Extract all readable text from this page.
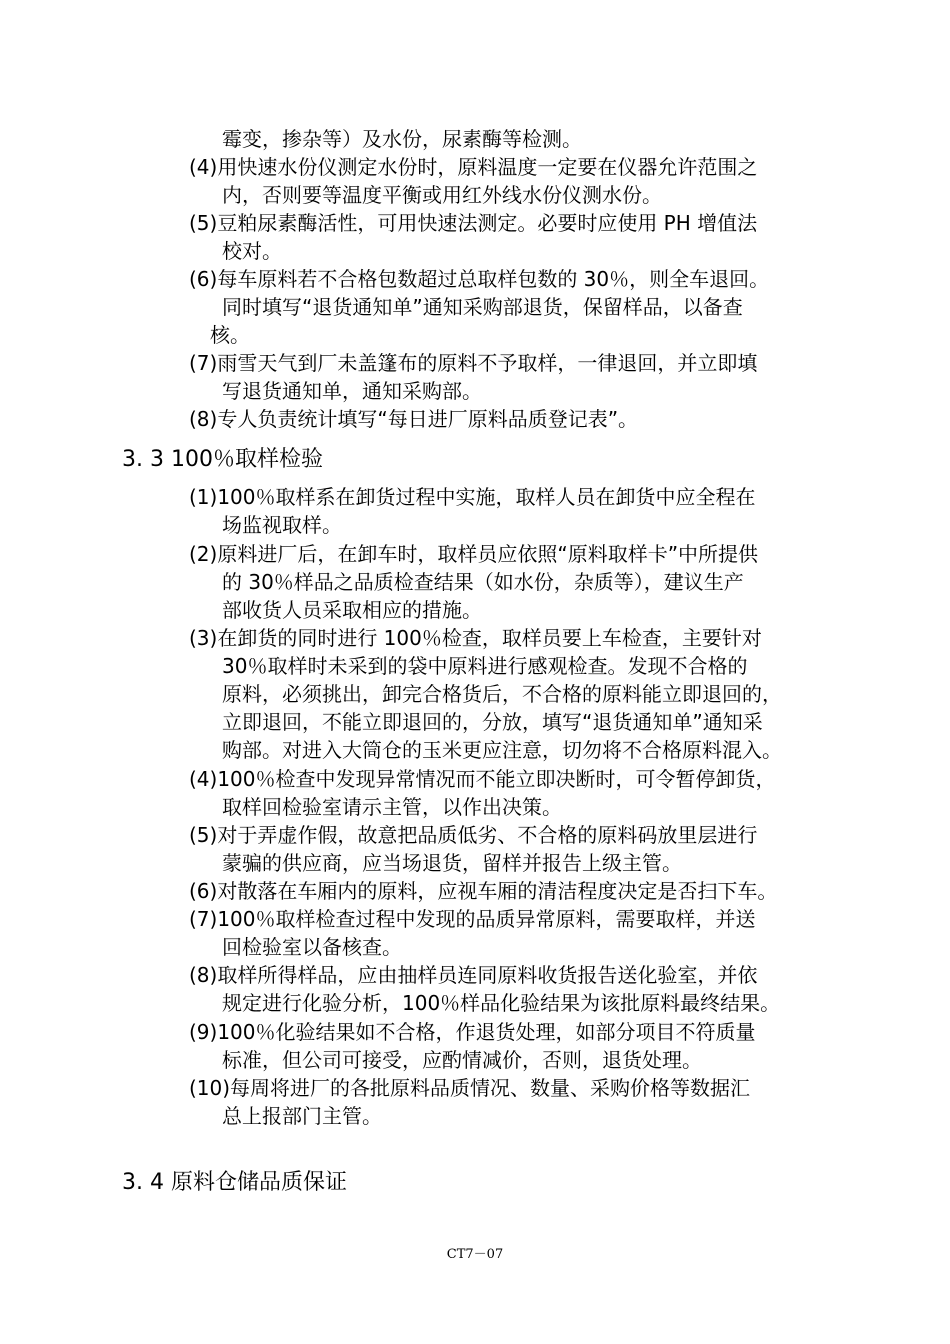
霉变，掺杂等）及水份，尿素酶等检测。
(4)用快速水份仪测定水份时，原料温度一定要在仪器允许范围之
内，否则要等温度平衡或用红外线水份仪测水份。
(5)豆粕尿素酶活性，可用快速法测定。必要时应使用 PH 增值法
校对。
(6)每车原料若不合格包数超过总取样包数的 30％，则全车退回。
同时填写“退货通知单”通知采购部退货，保留样品，以备查
核。
(7)雨雪天气到厂未盖篷布的原料不予取样，一律退回，并立即填
写退货通知单，通知采购部。
(8)专人负责统计填写“每日进厂原料品质登记表”。
3. 3 100％取样检验
(1)100％取样系在卸货过程中实施，取样人员在卸货中应全程在
场监视取样。
(2)原料进厂后，在卸车时，取样员应依照“原料取样卡”中所提供
的 30％样品之品质检查结果（如水份，杂质等），建议生产
部收货人员采取相应的措施。
(3)在卸货的同时进行 100％检查，取样员要上车检查，主要针对
30％取样时未采到的袋中原料进行感观检查。发现不合格的
原料，必须挑出，卸完合格货后，不合格的原料能立即退回的，
立即退回，不能立即退回的，分放，填写“退货通知单”通知采
购部。对进入大筒仓的玉米更应注意，切勿将不合格原料混入。
(4)100％检查中发现异常情况而不能立即决断时，可令暂停卸货，
取样回检验室请示主管，以作出决策。
(5)对于弄虚作假，故意把品质低劣、不合格的原料码放里层进行
蒙骗的供应商，应当场退货，留样并报告上级主管。
(6)对散落在车厢内的原料，应视车厢的清洁程度决定是否扫下车。
(7)100％取样检查过程中发现的品质异常原料，需要取样，并送
回检验室以备核查。
(8)取样所得样品，应由抽样员连同原料收货报告送化验室，并依
规定进行化验分析，100％样品化验结果为该批原料最终结果。
(9)100％化验结果如不合格，作退货处理，如部分项目不符质量
标准，但公司可接受，应酌情减价，否则，退货处理。
(10)每周将进厂的各批原料品质情况、数量、采购价格等数据汇
总上报部门主管。
3. 4 原料仓储品质保证
CT7－07
